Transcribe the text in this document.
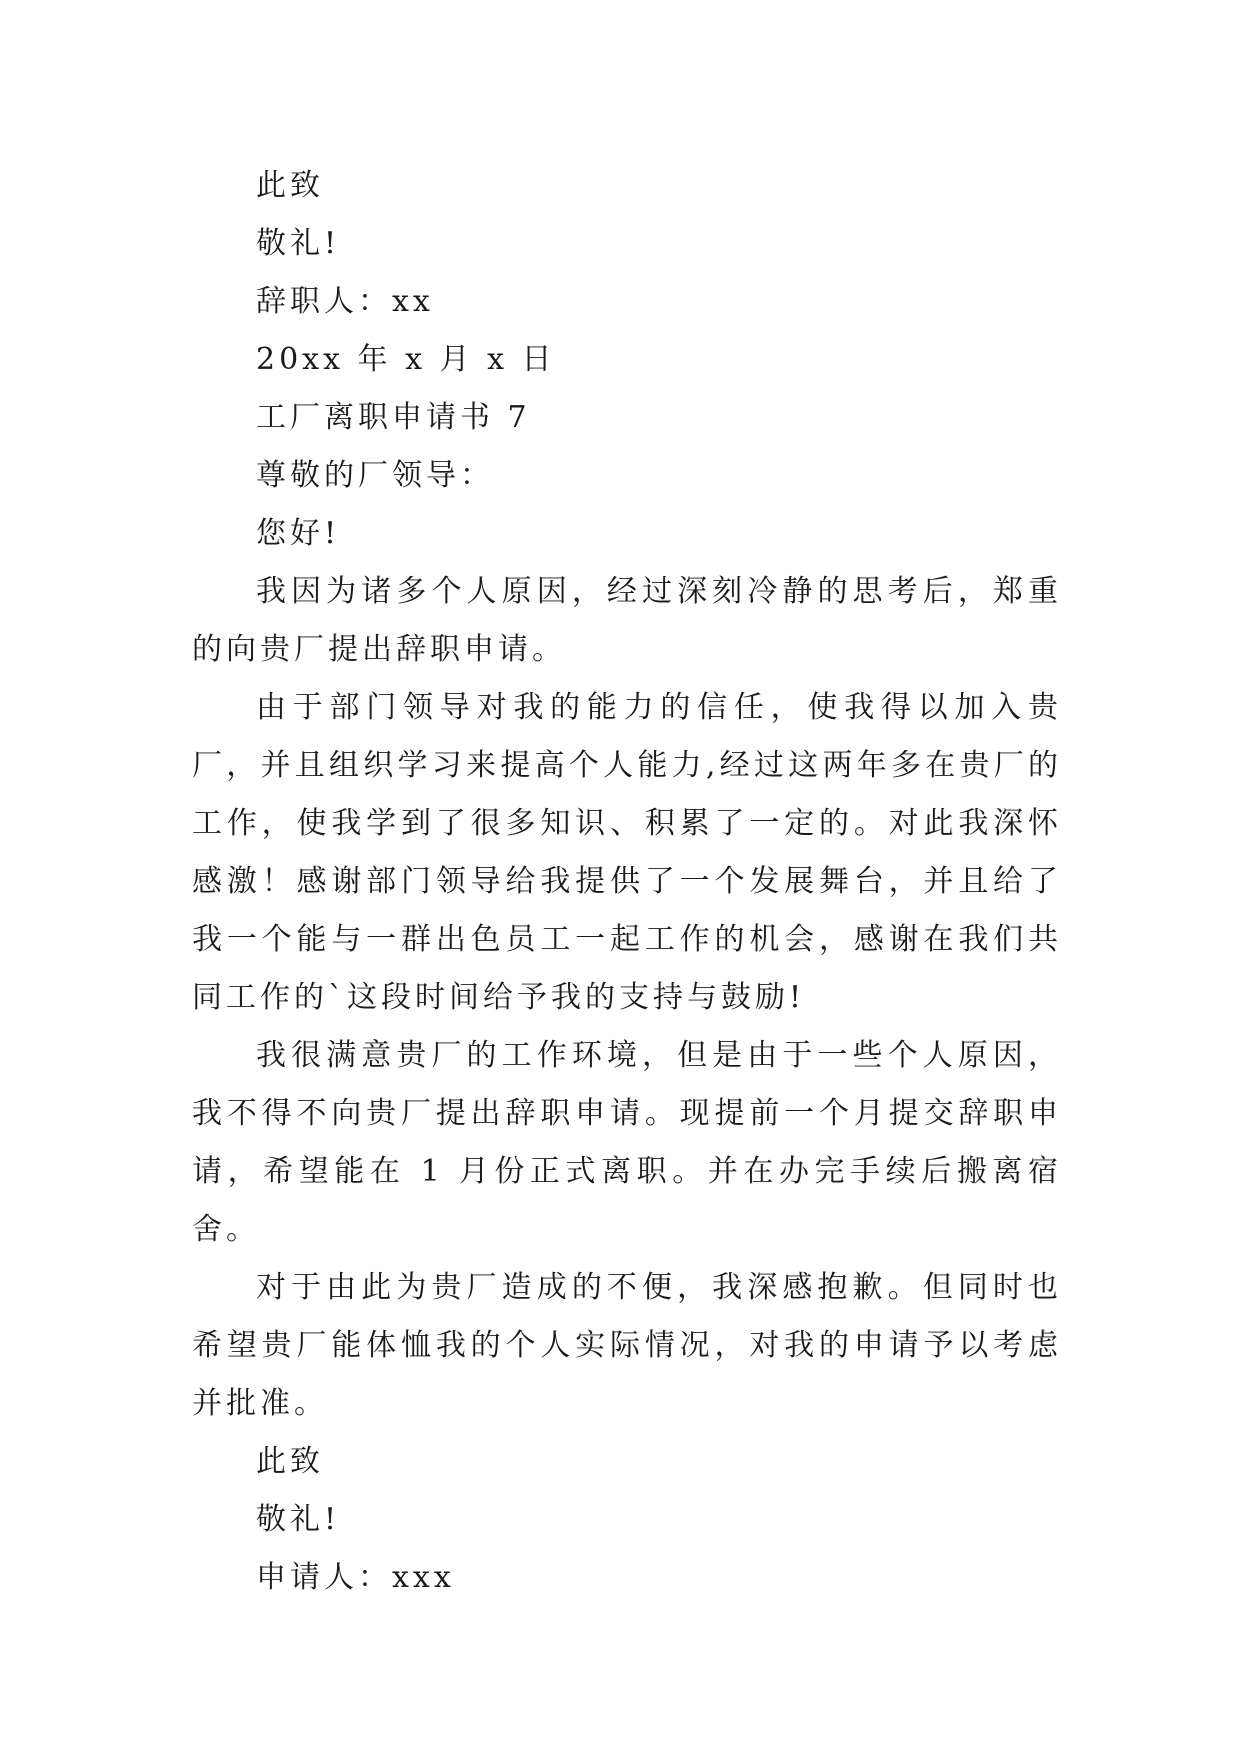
此致

敬礼!

辞职人：xx

20xx 年 x 月 x 日

工厂离职申请书 7

尊敬的厂领导：

您好!

我因为诸多个人原因，经过深刻冷静的思考后，郑重的向贵厂提出辞职申请。

由于部门领导对我的能力的信任，使我得以加入贵厂，并且组织学习来提高个人能力,经过这两年多在贵厂的工作，使我学到了很多知识、积累了一定的。对此我深怀感激！感谢部门领导给我提供了一个发展舞台，并且给了我一个能与一群出色员工一起工作的机会，感谢在我们共同工作的`这段时间给予我的支持与鼓励!

我很满意贵厂的工作环境，但是由于一些个人原因，我不得不向贵厂提出辞职申请。现提前一个月提交辞职申请，希望能在 1 月份正式离职。并在办完手续后搬离宿舍。

对于由此为贵厂造成的不便，我深感抱歉。但同时也希望贵厂能体恤我的个人实际情况，对我的申请予以考虑并批准。

此致

敬礼!

申请人：xxx
